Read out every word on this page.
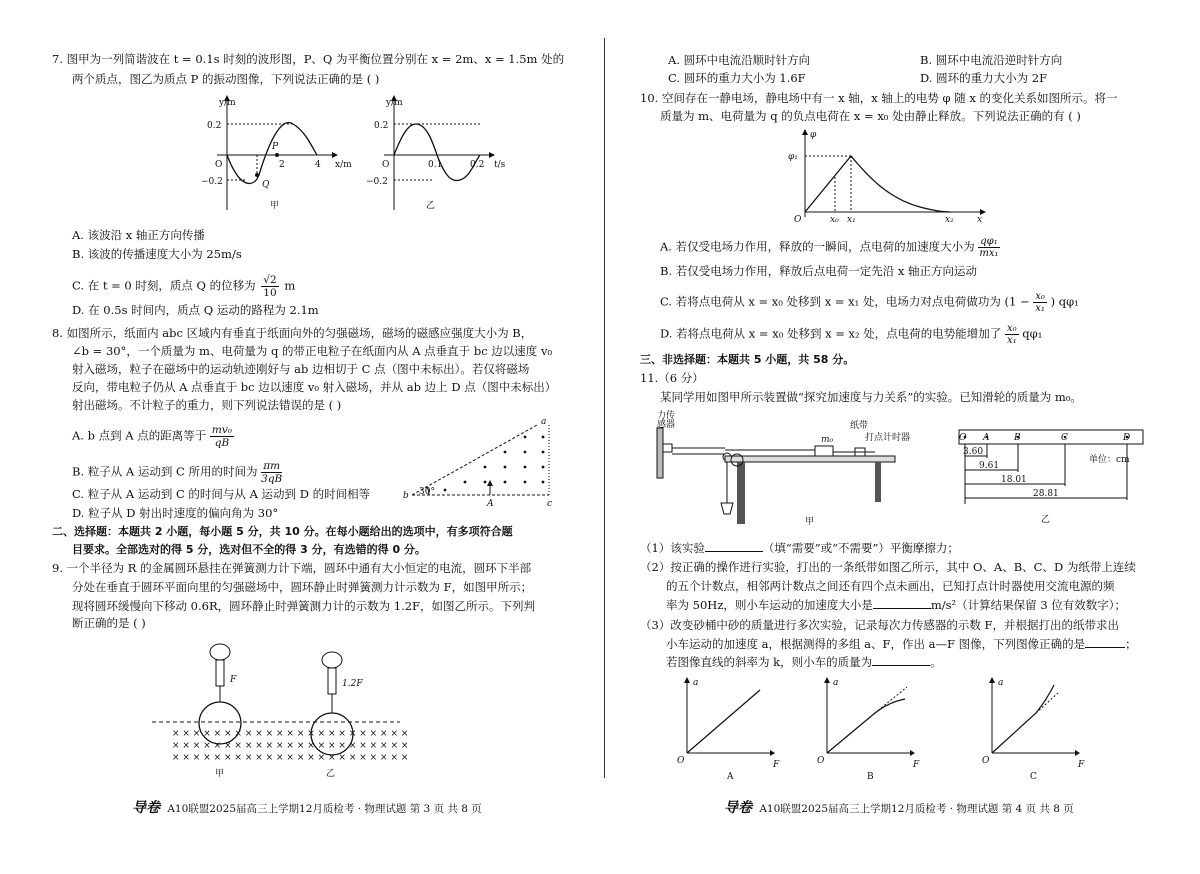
7. 图甲为一列简谐波在 t = 0.1s 时刻的波形图，P、Q 为平衡位置分别在 x = 2m、x = 1.5m 处的
两个质点，图乙为质点 P 的振动图像，下列说法正确的是 ( )
y/m
x/m
O
0.2
−0.2
2	4
P
Q
甲
y/m
t/s
O
0.2
−0.2
0.1	0.2
乙
A. 该波沿 x 轴正方向传播
B. 该波的传播速度大小为 25m/s
C. 在 t = 0 时刻，质点 Q 的位移为 $\frac{√2}{10}$ m
D. 在 0.5s 时间内，质点 Q 运动的路程为 2.1m
8. 如图所示，纸面内 abc 区域内有垂直于纸面向外的匀强磁场，磁场的磁感应强度大小为 B，
∠b = 30°，一个质量为 m、电荷量为 q 的带正电粒子在纸面内从 A 点垂直于 bc 边以速度 v₀
射入磁场，粒子在磁场中的运动轨迹刚好与 ab 边相切于 C 点（图中未标出）。若仅将磁场
反向，带电粒子仍从 A 点垂直于 bc 边以速度 v₀ 射入磁场，并从 ab 边上 D 点（图中未标出）
射出磁场。不计粒子的重力，则下列说法错误的是 ( )
A. b 点到 A 点的距离等于 $\frac{\text{mv₀}}{qB}$
B. 粒子从 A 运动到 C 所用的时间为 $\frac{\pi m}{3qB}$
C. 粒子从 A 运动到 C 的时间与从 A 运动到 D 的时间相等
D. 粒子从 D 射出时速度的偏向角为 30°
b
a
c
A
30°
二、选择题：本题共 2 小题，每小题 5 分，共 10 分。在每小题给出的选项中，有多项符合题
目要求。全部选对的得 5 分，选对但不全的得 3 分，有选错的得 0 分。
9. 一个半径为 R 的金属圆环悬挂在弹簧测力计下端，圆环中通有大小恒定的电流，圆环下半部
分处在垂直于圆环平面向里的匀强磁场中，圆环静止时弹簧测力计示数为 F，如图甲所示；
现将圆环缓慢向下移动 0.6R，圆环静止时弹簧测力计的示数为 1.2F，如图乙所示。下列判
断正确的是 ( )
× × × × × × × × × × × × × × × × × × × × × × ×
× × × × × × × × × × × × × × × × × × × × × × ×
× × × × × × × × × × × × × × × × × × × × × × ×
F	1.2F
甲	乙
导卷 A10联盟2025届高三上学期12月质检考 · 物理试题 第 3 页 共 8 页
A. 圆环中电流沿顺时针方向	B. 圆环中电流沿逆时针方向
C. 圆环的重力大小为 1.6F	D. 圆环的重力大小为 2F
10. 空间存在一静电场，静电场中有一 x 轴，x 轴上的电势 φ 随 x 的变化关系如图所示。将一
质量为 m、电荷量为 q 的负点电荷在 x = x₀ 处由静止释放。下列说法正确的有 ( )
φ
φ₁
O	x₀ x₁	x₂	x
A. 若仅受电场力作用，释放的一瞬间，点电荷的加速度大小为 $\frac{\text{qφ₁}}{\text{mx₁}}$
B. 若仅受电场力作用，释放后点电荷一定先沿 x 轴正方向运动
C. 若将点电荷从 x = x₀ 处移到 x = x₁ 处，电场力对点电荷做功为 ($1 - \frac{\text{x₀}}{\text{x₁}}$ ) qφ₁
D. 若将点电荷从 x = x₀ 处移到 x = x₂ 处，点电荷的电势能增加了 $\frac{\text{x₀}}{\text{x₁}} q\varphi_1$
三、非选择题：本题共 5 小题，共 58 分。
11.（6 分）
某同学用如图甲所示装置做“探究加速度与力关系”的实验。已知滑轮的质量为 m₀。
力传
感器
m₀
纸带
打点计时器
甲
O A	B	C	D
3.60
9.61
18.01
28.81
单位：cm
乙
（1）该实验	（填“需要”或“不需要”）平衡摩擦力；
（2）按正确的操作进行实验，打出的一条纸带如图乙所示，其中 O、A、B、C、D 为纸带上连续
的五个计数点，相邻两计数点之间还有四个点未画出，已知打点计时器使用交流电源的频
率为 50Hz，则小车运动的加速度大小是	m/s²（计算结果保留 3 位有效数字）；
（3）改变砂桶中砂的质量进行多次实验，记录每次力传感器的示数 F，并根据打出的纸带求出
小车运动的加速度 a，根据测得的多组 a、F，作出 a—F 图像，下列图像正确的是	；
若图像直线的斜率为 k，则小车的质量为	。
a
F
O
A
a
F
O
B
a
F
O
C
导卷 A10联盟2025届高三上学期12月质检考 · 物理试题 第 4 页 共 8 页
